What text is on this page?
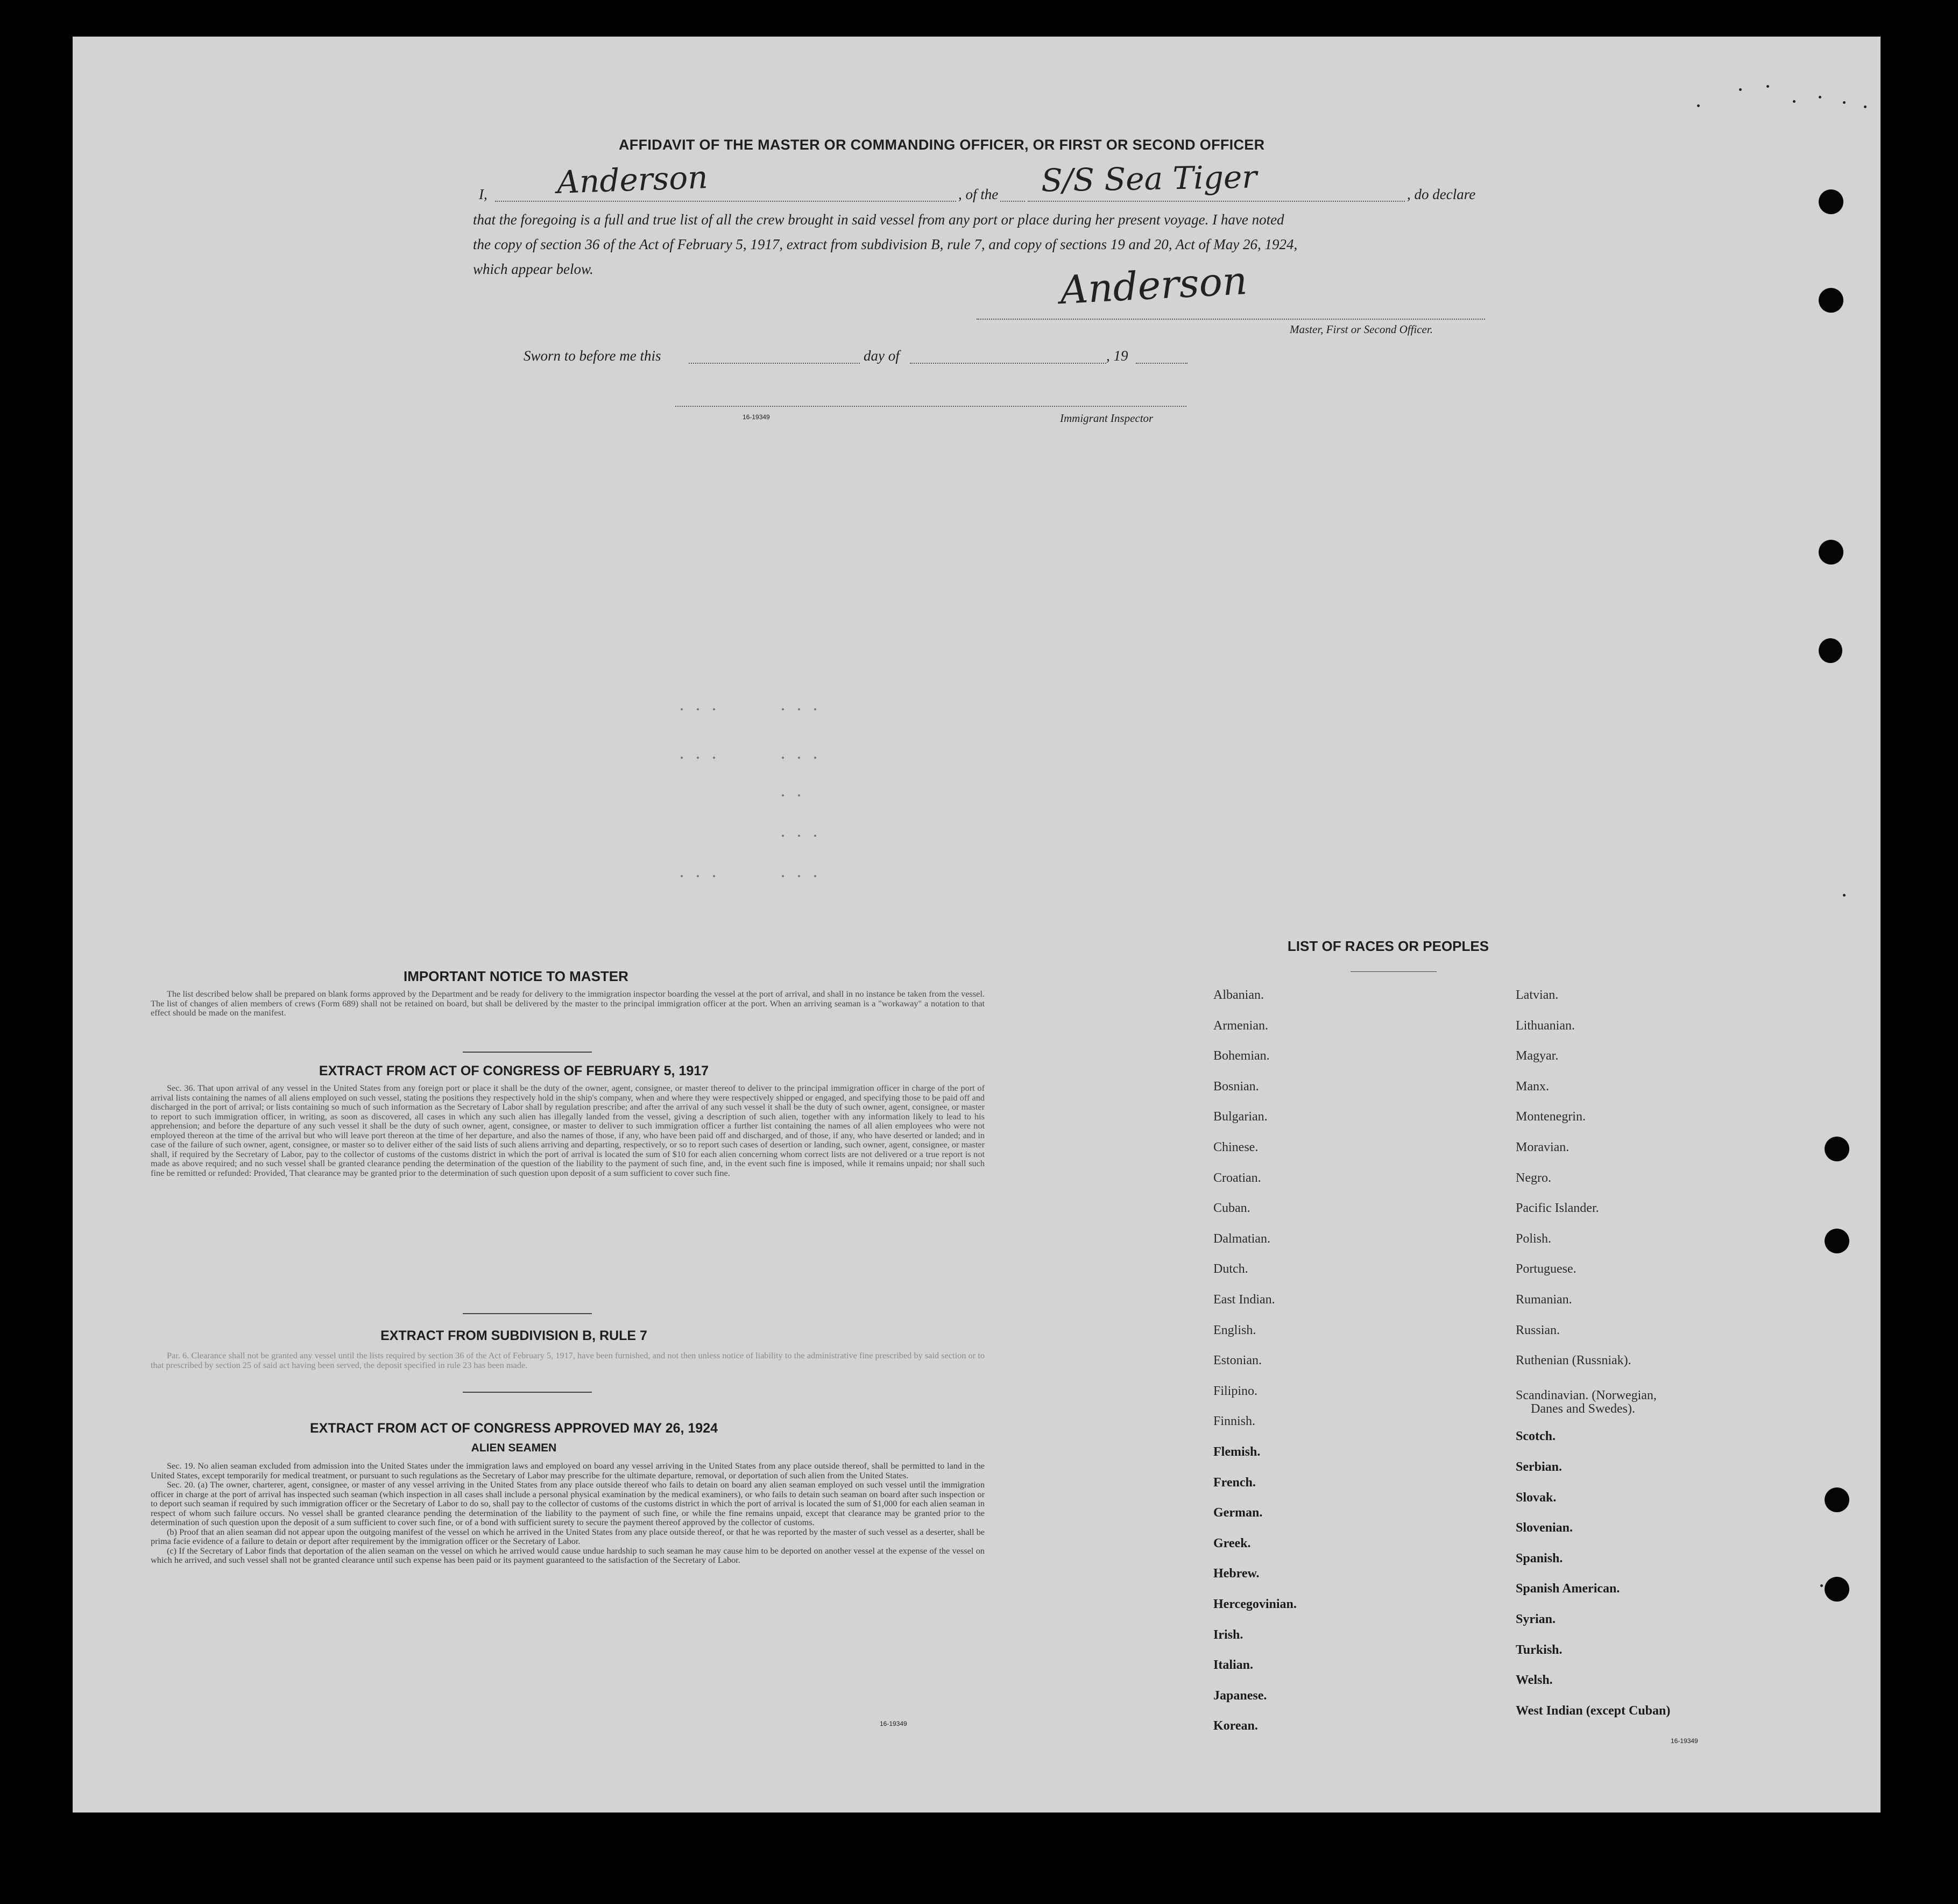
AFFIDAVIT OF THE MASTER OR COMMANDING OFFICER, OR FIRST OR SECOND OFFICER
I, Anderson	, of the S/S Sea Tiger	, do declare
that the foregoing is a full and true list of all the crew brought in said vessel from any port or place during her present voyage. I have noted
the copy of section 36 of the Act of February 5, 1917, extract from subdivision B, rule 7, and copy of sections 19 and 20, Act of May 26, 1924,
which appear below.	Anderson
Master, First or Second Officer.
Sworn to before me this	day of	, 19
16-19349	Immigrant Inspector
IMPORTANT NOTICE TO MASTER

The list described below shall be prepared on blank forms approved by the Department and be ready for delivery to the immigration inspector boarding the vessel at the port of arrival, and shall in no instance be taken from the vessel. The list of changes of alien members of crews (Form 689) shall not be retained on board, but shall be delivered by the master to the principal immigration officer at the port. When an arriving seaman is a "workaway" a notation to that effect should be made on the manifest.

EXTRACT FROM ACT OF CONGRESS OF FEBRUARY 5, 1917

Sec. 36. That upon arrival of any vessel in the United States from any foreign port or place it shall be the duty of the owner, agent, consignee, or master thereof to deliver to the principal immigration officer in charge of the port of arrival lists containing the names of all aliens employed on such vessel, stating the positions they respectively hold in the ship's company, when and where they were respectively shipped or engaged, and specifying those to be paid off and discharged in the port of arrival; or lists containing so much of such information as the Secretary of Labor shall by regulation prescribe; and after the arrival of any such vessel it shall be the duty of such owner, agent, consignee, or master to report to such immigration officer, in writing, as soon as discovered, all cases in which any such alien has illegally landed from the vessel, giving a description of such alien, together with any information likely to lead to his apprehension; and before the departure of any such vessel it shall be the duty of such owner, agent, consignee, or master to deliver to such immigration officer a further list containing the names of all alien employees who were not employed thereon at the time of the arrival but who will leave port thereon at the time of her departure, and also the names of those, if any, who have been paid off and discharged, and of those, if any, who have deserted or landed; and in case of the failure of such owner, agent, consignee, or master so to deliver either of the said lists of such aliens arriving and departing, respectively, or so to report such cases of desertion or landing, such owner, agent, consignee, or master shall, if required by the Secretary of Labor, pay to the collector of customs of the customs district in which the port of arrival is located the sum of $10 for each alien concerning whom correct lists are not delivered or a true report is not made as above required; and no such vessel shall be granted clearance pending the determination of the question of the liability to the payment of such fine, and, in the event such fine is imposed, while it remains unpaid; nor shall such fine be remitted or refunded: Provided, That clearance may be granted prior to the determination of such question upon deposit of a sum sufficient to cover such fine.

EXTRACT FROM SUBDIVISION B, RULE 7

Par. 6. Clearance shall not be granted any vessel until the lists required by section 36 of the Act of February 5, 1917, have been furnished, and not then unless notice of liability to the administrative fine prescribed by said section or to that prescribed by section 25 of said act having been served, the deposit specified in rule 23 has been made.

EXTRACT FROM ACT OF CONGRESS APPROVED MAY 26, 1924
ALIEN SEAMEN

Sec. 19. No alien seaman excluded from admission into the United States under the immigration laws and employed on board any vessel arriving in the United States from any place outside thereof, shall be permitted to land in the United States, except temporarily for medical treatment, or pursuant to such regulations as the Secretary of Labor may prescribe for the ultimate departure, removal, or deportation of such alien from the United States.

Sec. 20. (a) The owner, charterer, agent, consignee, or master of any vessel arriving in the United States from any place outside thereof who fails to detain on board any alien seaman employed on such vessel until the immigration officer in charge at the port of arrival has inspected such seaman (which inspection in all cases shall include a personal physical examination by the medical examiners), or who fails to detain such seaman on board after such inspection or to deport such seaman if required by such immigration officer or the Secretary of Labor to do so, shall pay to the collector of customs of the customs district in which the port of arrival is located the sum of $1,000 for each alien seaman in respect of whom such failure occurs. No vessel shall be granted clearance pending the determination of the liability to the payment of such fine, or while the fine remains unpaid, except that clearance may be granted prior to the determination of such question upon the deposit of a sum sufficient to cover such fine, or of a bond with sufficient surety to secure the payment thereof approved by the collector of customs.

(b) Proof that an alien seaman did not appear upon the outgoing manifest of the vessel on which he arrived in the United States from any place outside thereof, or that he was reported by the master of such vessel as a deserter, shall be prima facie evidence of a failure to detain or deport after requirement by the immigration officer or the Secretary of Labor.

(c) If the Secretary of Labor finds that deportation of the alien seaman on the vessel on which he arrived would cause undue hardship to such seaman he may cause him to be deported on another vessel at the expense of the vessel on which he arrived, and such vessel shall not be granted clearance until such expense has been paid or its payment guaranteed to the satisfaction of the Secretary of Labor.

16-19349
LIST OF RACES OR PEOPLES
Albanian.
Armenian.
Bohemian.
Bosnian.
Bulgarian.
Chinese.
Croatian.
Cuban.
Dalmatian.
Dutch.
East Indian.
English.
Estonian.
Filipino.
Finnish.
Flemish.
French.
German.
Greek.
Hebrew.
Hercegovinian.
Irish.
Italian.
Japanese.
Korean.
Latvian.
Lithuanian.
Magyar.
Manx.
Montenegrin.
Moravian.
Negro.
Pacific Islander.
Polish.
Portuguese.
Rumanian.
Russian.
Ruthenian (Russniak).
Scandinavian. (Norwegian,
Danes and Swedes).
Scotch.
Serbian.
Slovak.
Slovenian.
Spanish.
Spanish American.
Syrian.
Turkish.
Welsh.
West Indian (except Cuban)
16-19349
